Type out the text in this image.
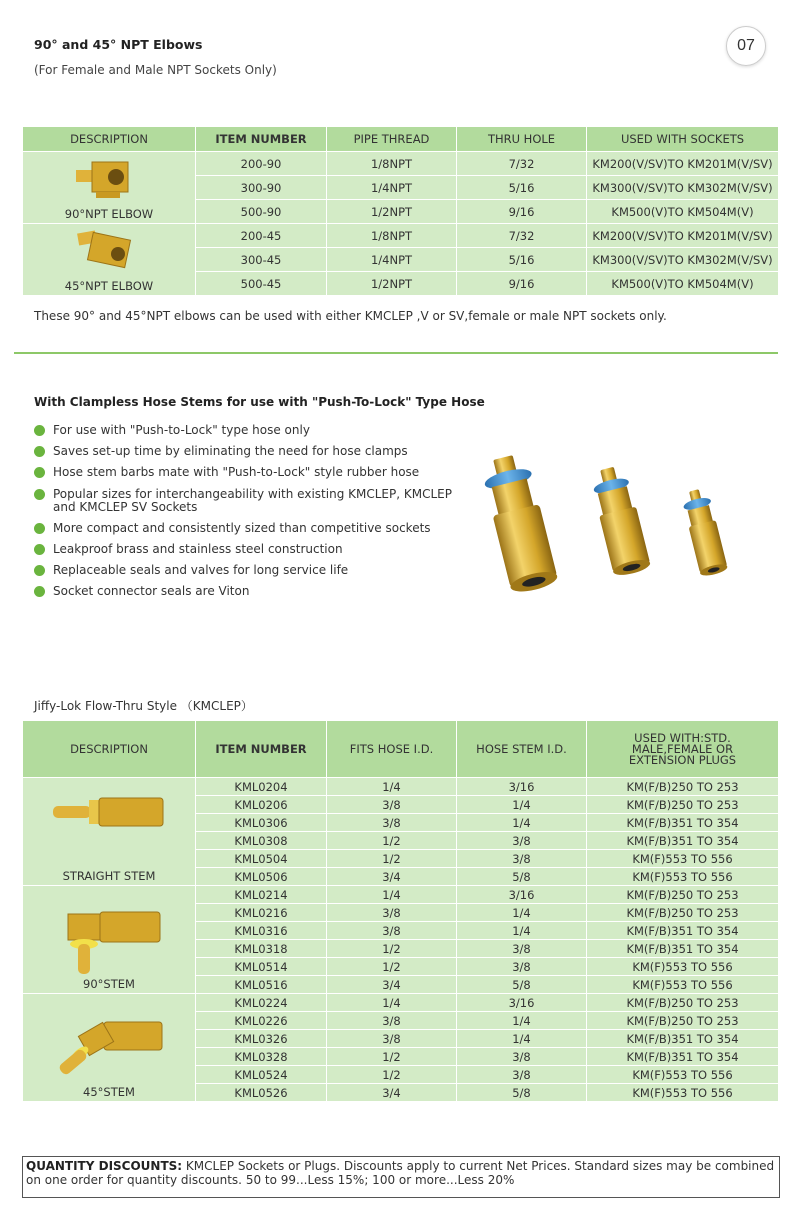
90° and 45° NPT Elbows
(For Female and Male NPT Sockets Only)
07
DESCRIPTION	ITEM NUMBER	PIPE THREAD	THRU HOLE	USED WITH SOCKETS

90°NPT ELBOW	200-90	1/8NPT	7/32	KM200(V/SV)TO KM201M(V/SV)
	300-90	1/4NPT	5/16	KM300(V/SV)TO KM302M(V/SV)
	500-90	1/2NPT	9/16	KM500(V)TO KM504M(V)

45°NPT ELBOW	200-45	1/8NPT	7/32	KM200(V/SV)TO KM201M(V/SV)
	300-45	1/4NPT	5/16	KM300(V/SV)TO KM302M(V/SV)
	500-45	1/2NPT	9/16	KM500(V)TO KM504M(V)
These 90° and 45°NPT elbows can be used with either KMCLEP ,V or SV,female or male NPT sockets only.
With Clampless Hose Stems for use with "Push-To-Lock" Type Hose
For use with "Push-to-Lock" type hose only
Saves set-up time by eliminating the need for hose clamps
Hose stem barbs mate with "Push-to-Lock" style rubber hose
Popular sizes for interchangeability with existing KMCLEP, KMCLEP and KMCLEP SV Sockets
More compact and consistently sized than competitive sockets
Leakproof brass and stainless steel construction
Replaceable seals and valves for long service life
Socket connector seals are Viton
Jiffy-Lok Flow-Thru Style （KMCLEP）
DESCRIPTION	ITEM NUMBER	FITS HOSE I.D.	HOSE STEM I.D.	USED WITH:STD. MALE,FEMALE OR EXTENSION PLUGS

STRAIGHT STEM	KML0204	1/4	3/16	KM(F/B)250 TO 253
	KML0206	3/8	1/4	KM(F/B)250 TO 253
	KML0306	3/8	1/4	KM(F/B)351 TO 354
	KML0308	1/2	3/8	KM(F/B)351 TO 354
	KML0504	1/2	3/8	KM(F)553 TO 556
	KML0506	3/4	5/8	KM(F)553 TO 556

90°STEM	KML0214	1/4	3/16	KM(F/B)250 TO 253
	KML0216	3/8	1/4	KM(F/B)250 TO 253
	KML0316	3/8	1/4	KM(F/B)351 TO 354
	KML0318	1/2	3/8	KM(F/B)351 TO 354
	KML0514	1/2	3/8	KM(F)553 TO 556
	KML0516	3/4	5/8	KM(F)553 TO 556

45°STEM	KML0224	1/4	3/16	KM(F/B)250 TO 253
	KML0226	3/8	1/4	KM(F/B)250 TO 253
	KML0326	3/8	1/4	KM(F/B)351 TO 354
	KML0328	1/2	3/8	KM(F/B)351 TO 354
	KML0524	1/2	3/8	KM(F)553 TO 556
	KML0526	3/4	5/8	KM(F)553 TO 556
QUANTITY DISCOUNTS: KMCLEP Sockets or Plugs. Discounts apply to current Net Prices. Standard sizes may be combined on one order for quantity discounts. 50 to 99...Less 15%; 100 or more...Less 20%
